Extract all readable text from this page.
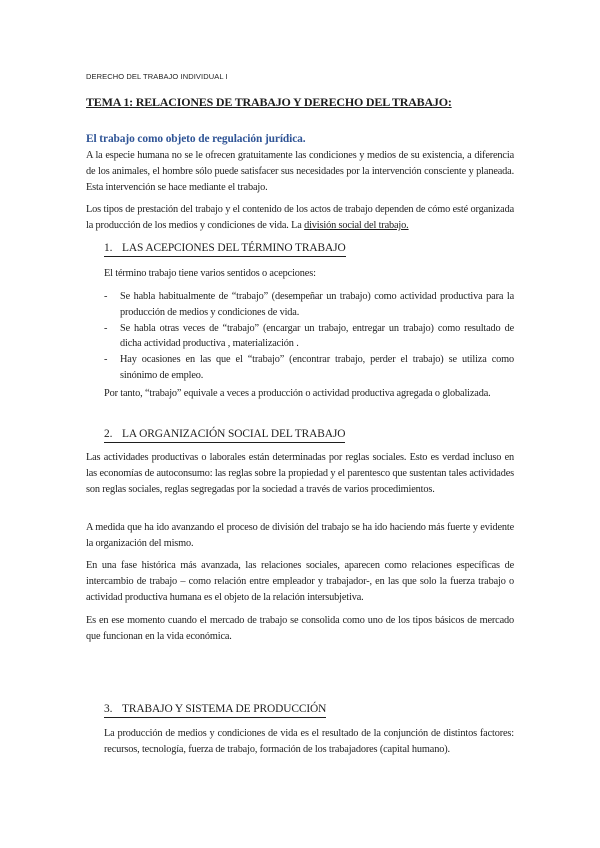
DERECHO DEL TRABAJO INDIVIDUAL I
TEMA 1: RELACIONES DE TRABAJO Y DERECHO DEL TRABAJO:
El trabajo como objeto de regulación jurídica.

A la especie humana no se le ofrecen gratuitamente las condiciones y medios de su existencia, a diferencia de los animales, el hombre sólo puede satisfacer sus necesidades por la intervención consciente y planeada. Esta intervención se hace mediante el trabajo.

Los tipos de prestación del trabajo y el contenido de los actos de trabajo dependen de cómo esté organizada la producción de los medios y condiciones de vida. La división social del trabajo.

1. LAS ACEPCIONES DEL TÉRMINO TRABAJO

El término trabajo tiene varios sentidos o acepciones:

- Se habla habitualmente de “trabajo” (desempeñar un trabajo) como actividad productiva para la producción de medios y condiciones de vida.
- Se habla otras veces de “trabajo” (encargar un trabajo, entregar un trabajo) como resultado de dicha actividad productiva , materialización .
- Hay ocasiones en las que el “trabajo” (encontrar trabajo, perder el trabajo) se utiliza como sinónimo de empleo.

Por tanto, “trabajo” equivale a veces a producción o actividad productiva agregada o globalizada.

2. LA ORGANIZACIÓN SOCIAL DEL TRABAJO

Las actividades productivas o laborales están determinadas por reglas sociales. Esto es verdad incluso en las economías de autoconsumo: las reglas sobre la propiedad y el parentesco que sustentan tales actividades son reglas sociales, reglas segregadas por la sociedad a través de varios procedimientos.

A medida que ha ido avanzando el proceso de división del trabajo se ha ido haciendo más fuerte y evidente la organización del mismo.

En una fase histórica más avanzada, las relaciones sociales, aparecen como relaciones específicas de intercambio de trabajo – como relación entre empleador y trabajador-, en las que solo la fuerza trabajo o actividad productiva humana es el objeto de la relación intersubjetiva.

Es en ese momento cuando el mercado de trabajo se consolida como uno de los tipos básicos de mercado que funcionan en la vida económica.

3. TRABAJO Y SISTEMA DE PRODUCCIÓN

La producción de medios y condiciones de vida es el resultado de la conjunción de distintos factores: recursos, tecnología, fuerza de trabajo, formación de los trabajadores (capital humano).
